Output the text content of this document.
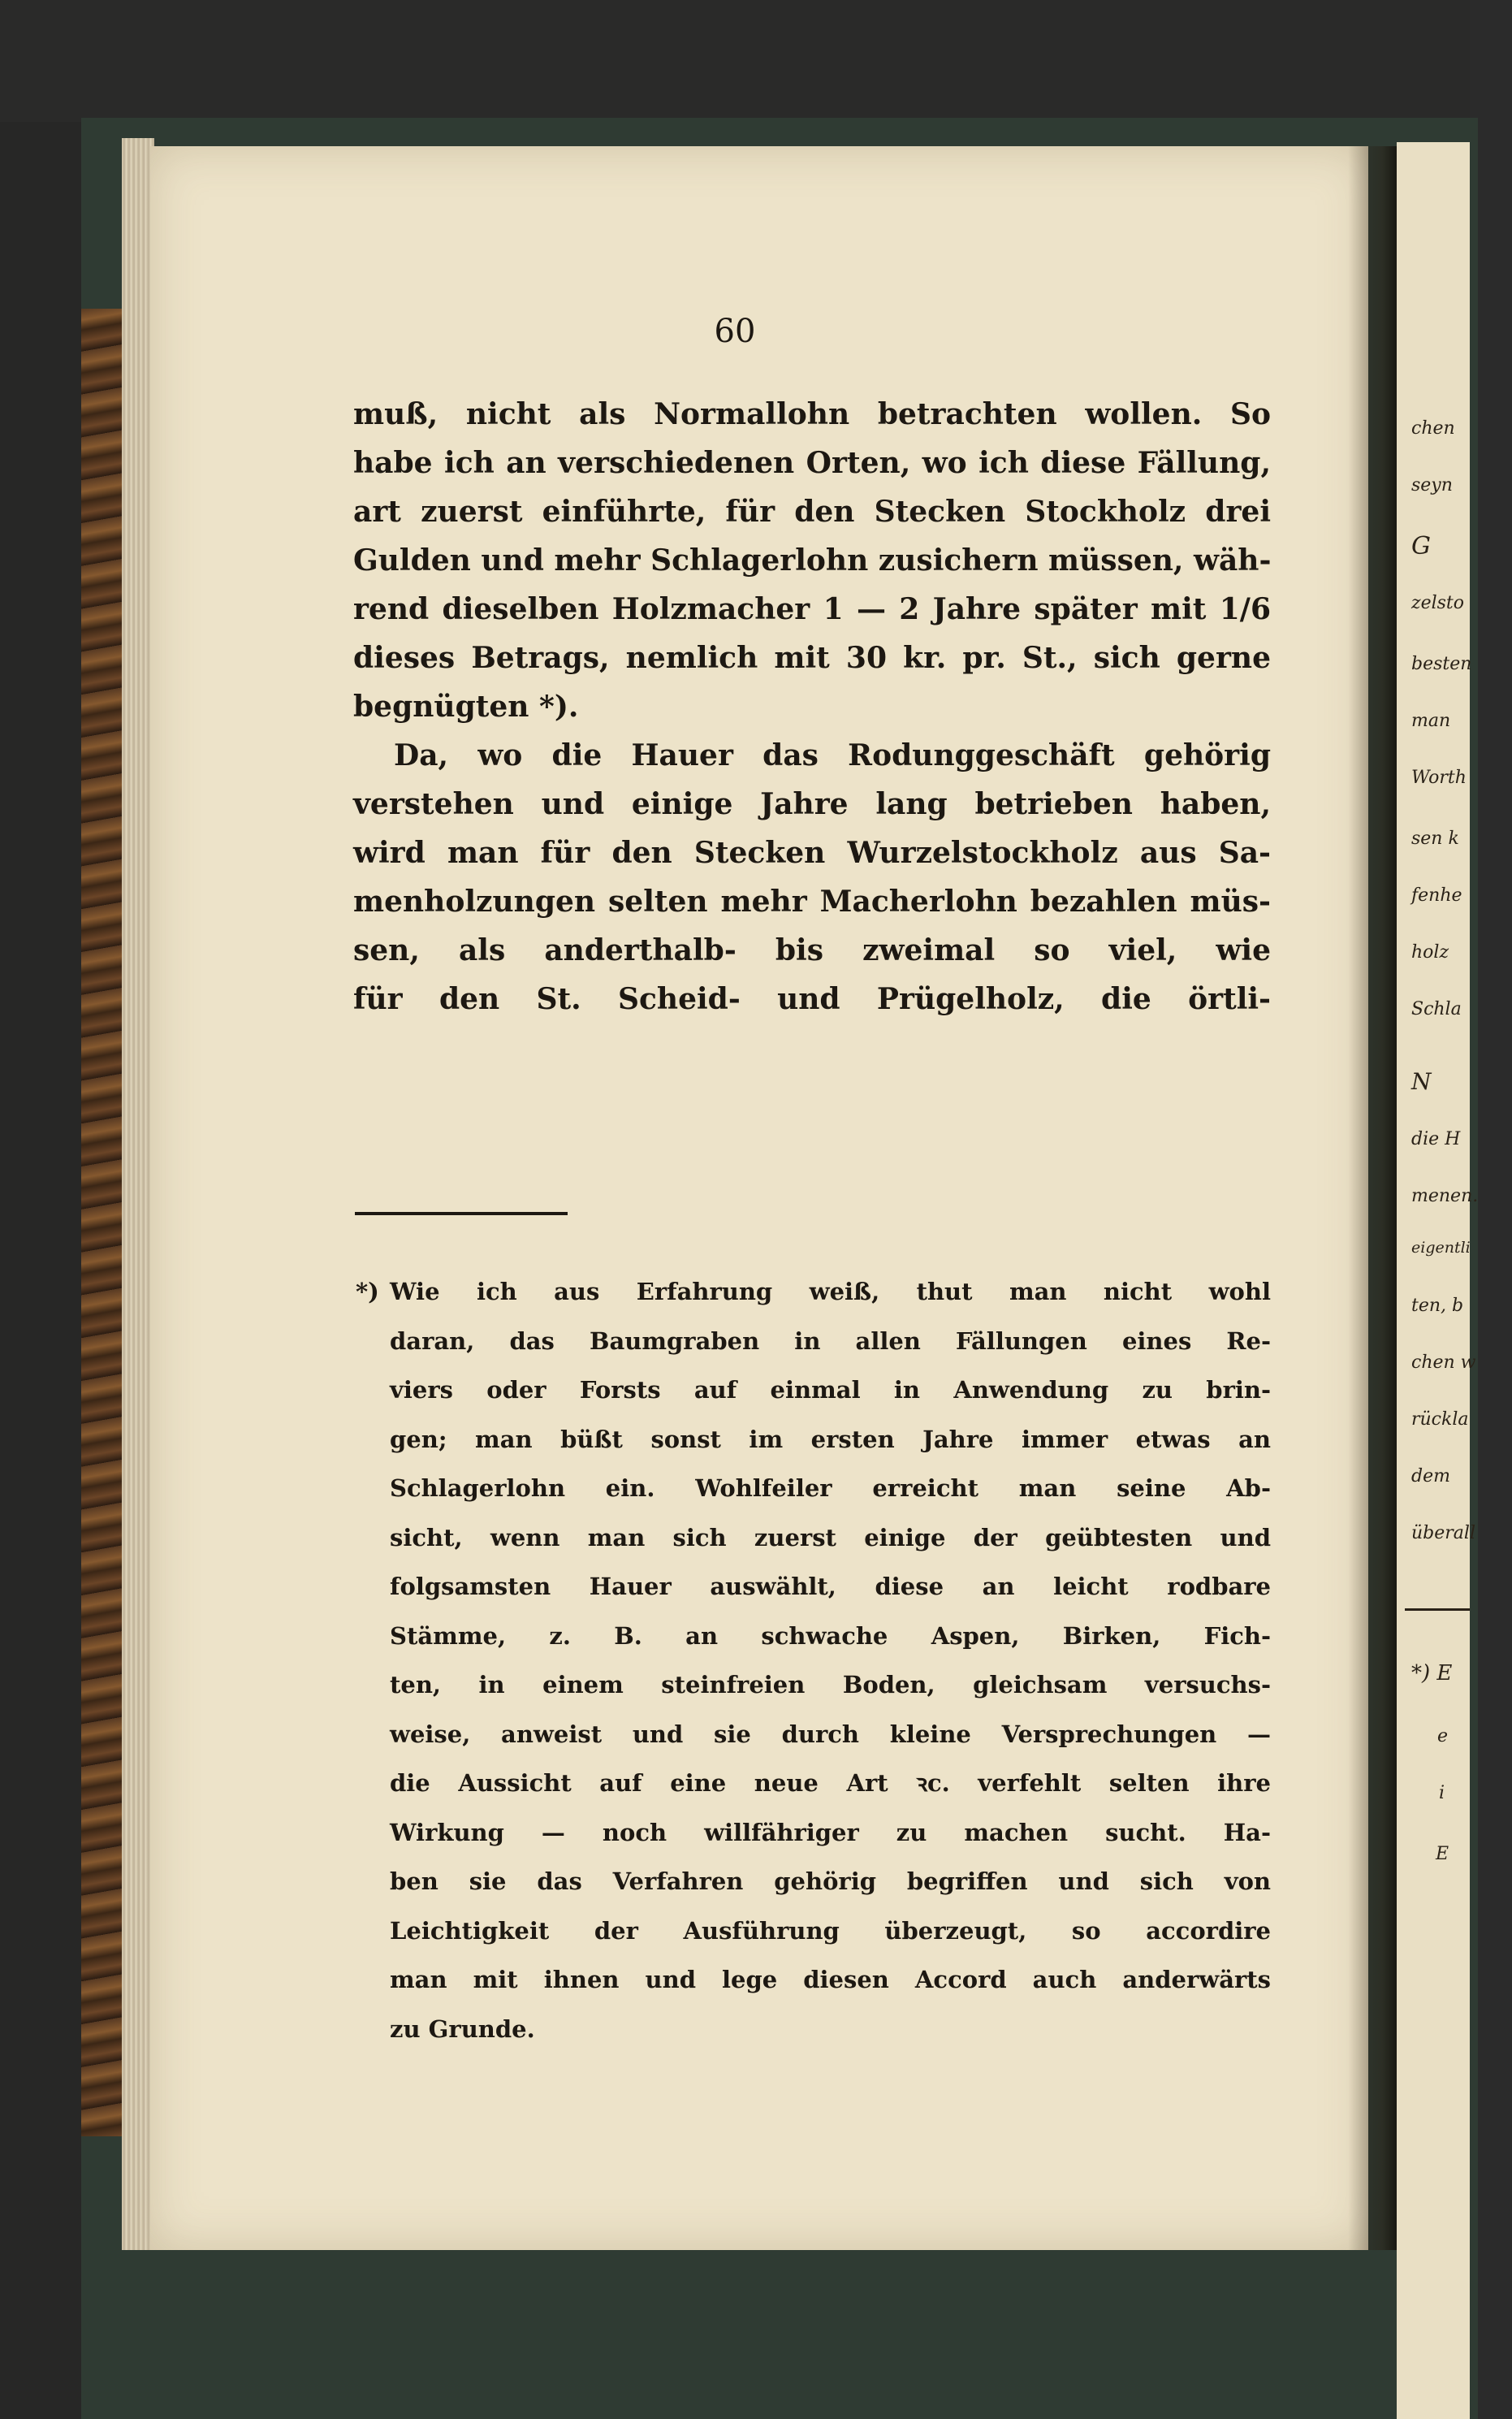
chen
seyn
G
zelsto
besten
man
Worth
sen k
fenhe
holz
Schla
N
die H
menen.
eigentli
ten, b
chen w
rückla
dem
überall
*) E
e
i
E
60
muß, nicht als Normallohn betrachten wollen. So
habe ich an verschiedenen Orten, wo ich diese Fällung,
art zuerst einführte, für den Stecken Stockholz drei
Gulden und mehr Schlagerlohn zusichern müssen, wäh-
rend dieselben Holzmacher 1 — 2 Jahre später mit 1/6
dieses Betrags, nemlich mit 30 kr. pr. St., sich gerne
begnügten *).
Da, wo die Hauer das Rodunggeschäft gehörig
verstehen und einige Jahre lang betrieben haben,
wird man für den Stecken Wurzelstockholz aus Sa-
menholzungen selten mehr Macherlohn bezahlen müs-
sen, als anderthalb- bis zweimal so viel, wie
für den St. Scheid- und Prügelholz, die örtli-
*) Wie ich aus Erfahrung weiß, thut man nicht wohl
daran, das Baumgraben in allen Fällungen eines Re-
viers oder Forsts auf einmal in Anwendung zu brin-
gen; man büßt sonst im ersten Jahre immer etwas an
Schlagerlohn ein. Wohlfeiler erreicht man seine Ab-
sicht, wenn man sich zuerst einige der geübtesten und
folgsamsten Hauer auswählt, diese an leicht rodbare
Stämme, z. B. an schwache Aspen, Birken, Fich-
ten, in einem steinfreien Boden, gleichsam versuchs-
weise, anweist und sie durch kleine Versprechungen —
die Aussicht auf eine neue Art ꝛc. verfehlt selten ihre
Wirkung — noch willfähriger zu machen sucht. Ha-
ben sie das Verfahren gehörig begriffen und sich von
Leichtigkeit der Ausführung überzeugt, so accordire
man mit ihnen und lege diesen Accord auch anderwärts
zu Grunde.
